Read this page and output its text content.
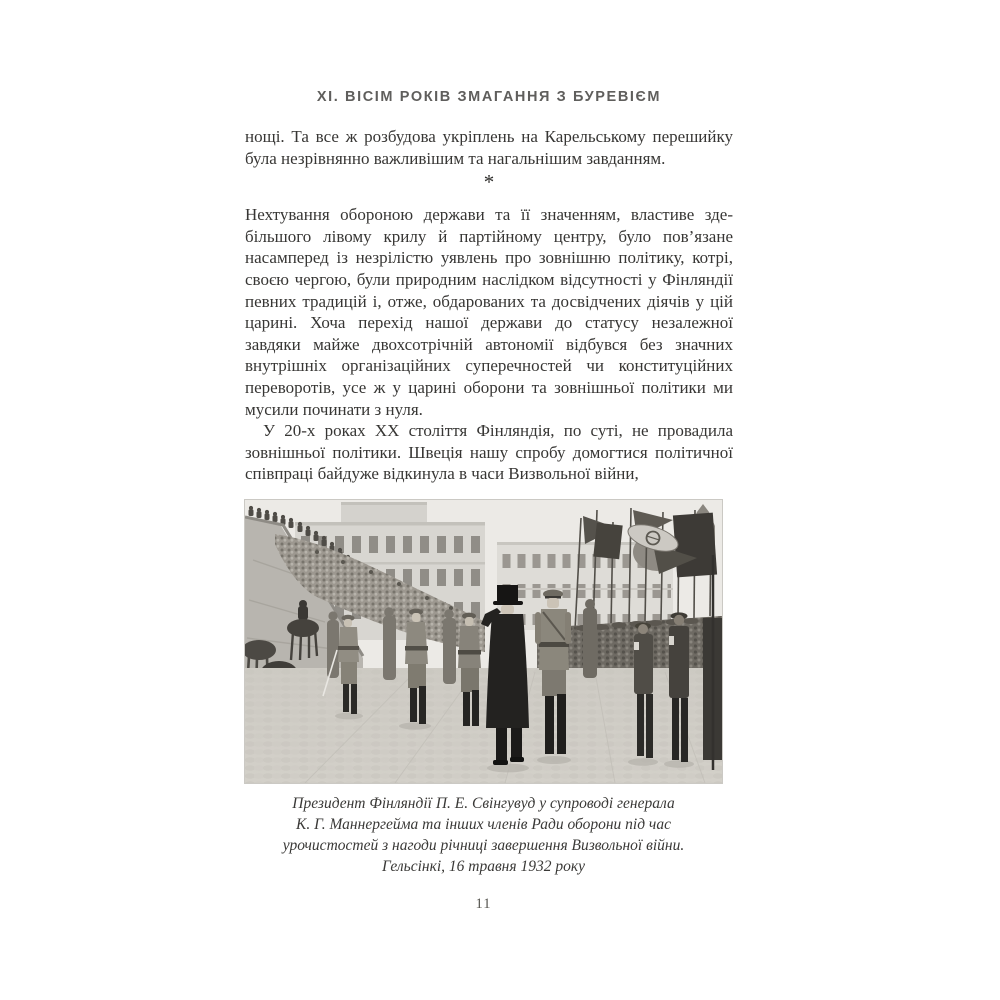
XI. ВІСІМ РОКІВ ЗМАГАННЯ З БУРЕВІЄМ

нощі. Та все ж розбудова укріплень на Карельському перешийку була незрівнянно важливішим та нагальнішим завданням.

*

Нехтування обороною держави та її значенням, властиве здебільшого лівому крилу й партійному центру, було пов’язане насамперед із незрілістю уявлень про зовнішню політику, котрі, своєю чергою, були природним наслідком відсутності у Фінляндії певних традицій і, отже, обдарованих та досвідчених діячів у цій царині. Хоча перехід нашої держави до статусу незалежної завдяки майже двохсотрічній автономії відбувся без значних внутрішніх організаційних суперечностей чи конституційних переворотів, усе ж у царині оборони та зовнішньої політики ми мусили починати з нуля.

У 20-х роках XX століття Фінляндія, по суті, не провадила зовнішньої політики. Швеція нашу спробу домогтися політичної співпраці байдуже відкинула в часи Визвольної війни,

Президент Фінляндії П. Е. Свінгувуд у супроводі генерала
К. Г. Маннергейма та інших членів Ради оборони під час
урочистостей з нагоди річниці завершення Визвольної війни.
Гельсінкі, 16 травня 1932 року
11
